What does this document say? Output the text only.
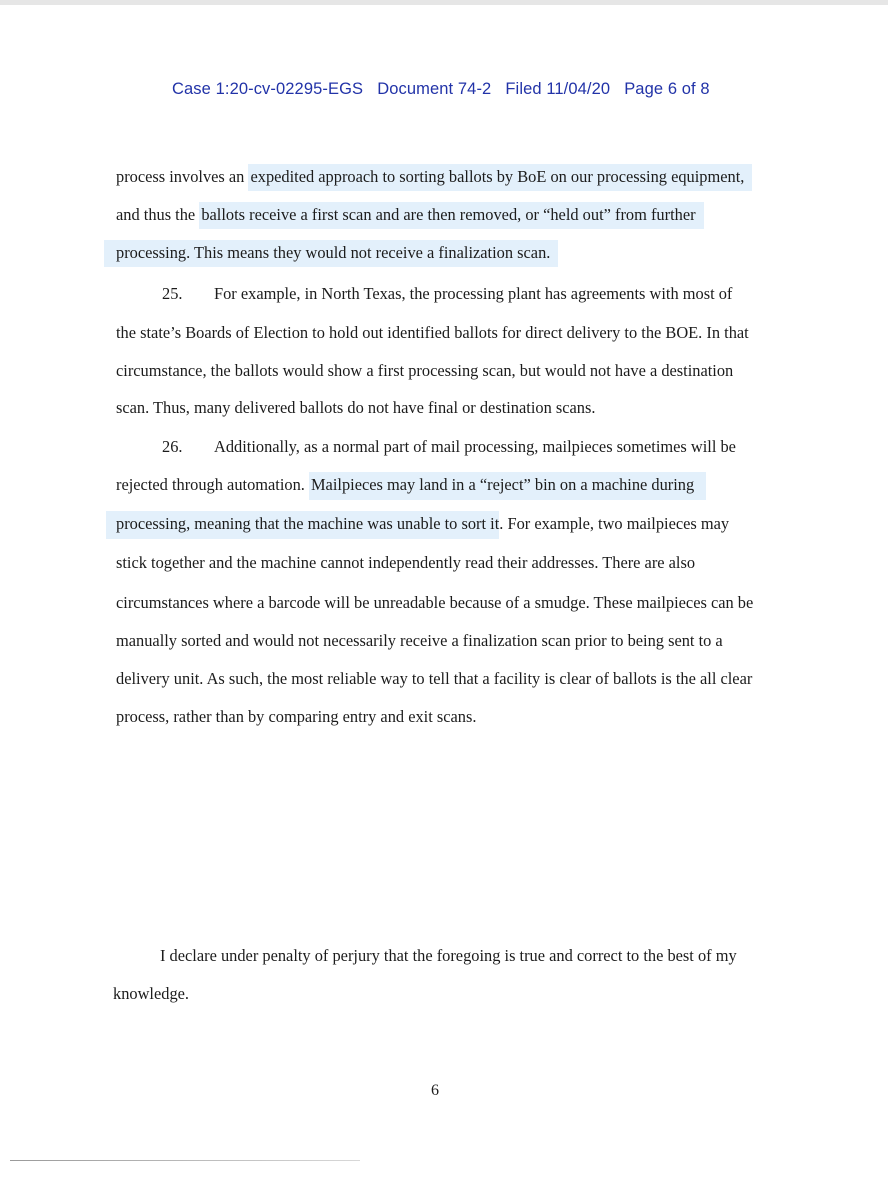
Case 1:20-cv-02295-EGS Document 74-2 Filed 11/04/20 Page 6 of 8
process involves an expedited approach to sorting ballots by BoE on our processing equipment,
and thus the ballots receive a first scan and are then removed, or “held out” from further
processing. This means they would not receive a finalization scan.
25. For example, in North Texas, the processing plant has agreements with most of
the state’s Boards of Election to hold out identified ballots for direct delivery to the BOE. In that
circumstance, the ballots would show a first processing scan, but would not have a destination
scan. Thus, many delivered ballots do not have final or destination scans.
26. Additionally, as a normal part of mail processing, mailpieces sometimes will be
rejected through automation. Mailpieces may land in a “reject” bin on a machine during
processing, meaning that the machine was unable to sort it. For example, two mailpieces may
stick together and the machine cannot independently read their addresses. There are also
circumstances where a barcode will be unreadable because of a smudge. These mailpieces can be
manually sorted and would not necessarily receive a finalization scan prior to being sent to a
delivery unit. As such, the most reliable way to tell that a facility is clear of ballots is the all clear
process, rather than by comparing entry and exit scans.
I declare under penalty of perjury that the foregoing is true and correct to the best of my
knowledge.
6
